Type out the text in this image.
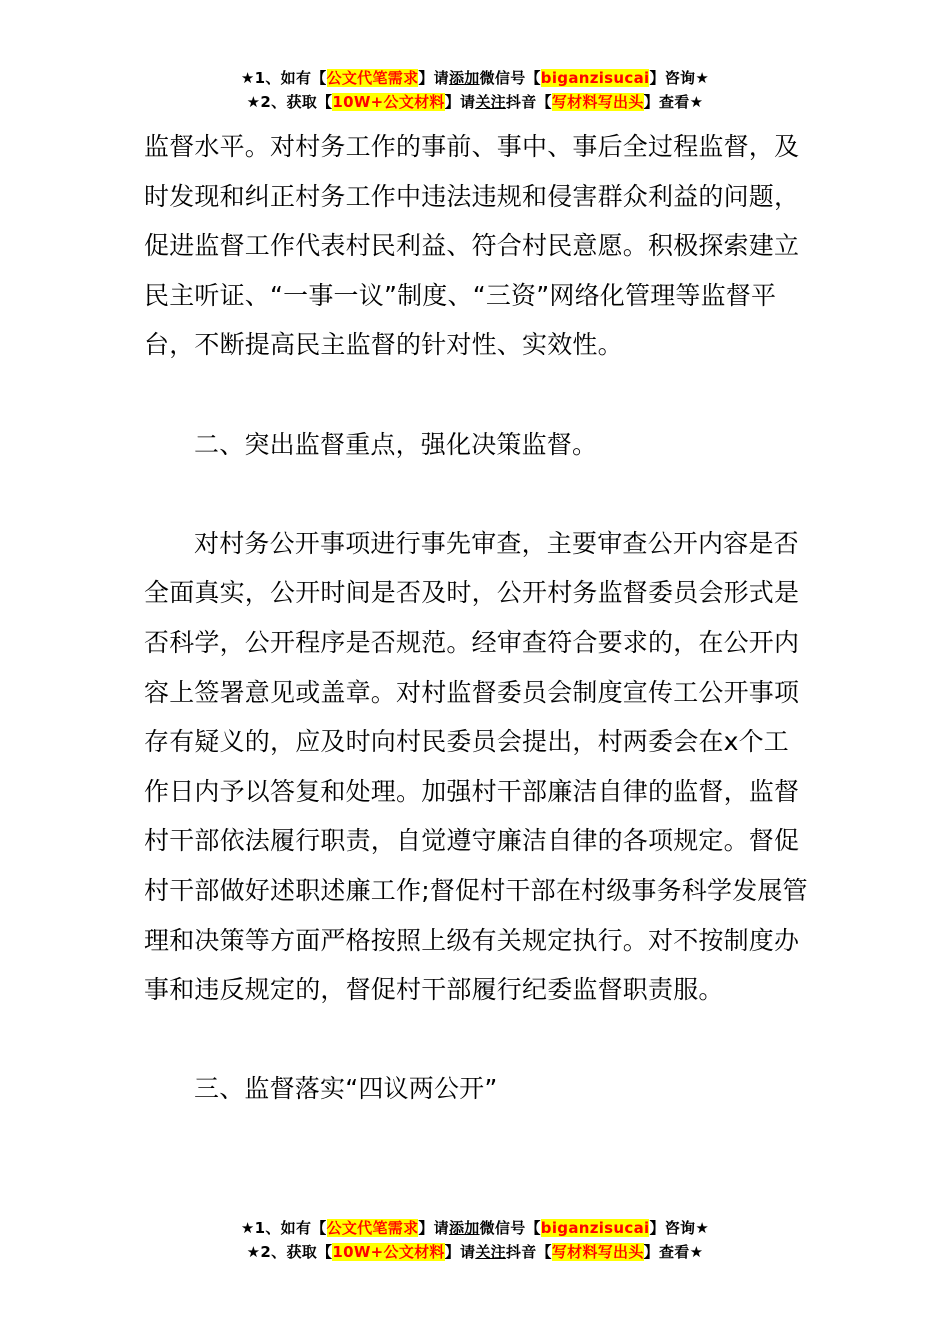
★1、如有【公文代笔需求】请添加微信号【biganzisucai】咨询★
★2、获取【10W+公文材料】请关注抖音【写材料写出头】查看★

监督水平。对村务工作的事前、事中、事后全过程监督，及时发现和纠正村务工作中违法违规和侵害群众利益的问题，促进监督工作代表村民利益、符合村民意愿。积极探索建立民主听证、“一事一议”制度、“三资”网络化管理等监督平台，不断提高民主监督的针对性、实效性。

二、突出监督重点，强化决策监督。

对村务公开事项进行事先审查，主要审查公开内容是否全面真实，公开时间是否及时，公开村务监督委员会形式是否科学，公开程序是否规范。经审查符合要求的，在公开内容上签署意见或盖章。对村监督委员会制度宣传工公开事项存有疑义的，应及时向村民委员会提出，村两委会在x个工作日内予以答复和处理。加强村干部廉洁自律的监督，监督村干部依法履行职责，自觉遵守廉洁自律的各项规定。督促村干部做好述职述廉工作;督促村干部在村级事务科学发展管理和决策等方面严格按照上级有关规定执行。对不按制度办事和违反规定的，督促村干部履行纪委监督职责服。

三、监督落实“四议两公开”

★1、如有【公文代笔需求】请添加微信号【biganzisucai】咨询★
★2、获取【10W+公文材料】请关注抖音【写材料写出头】查看★
